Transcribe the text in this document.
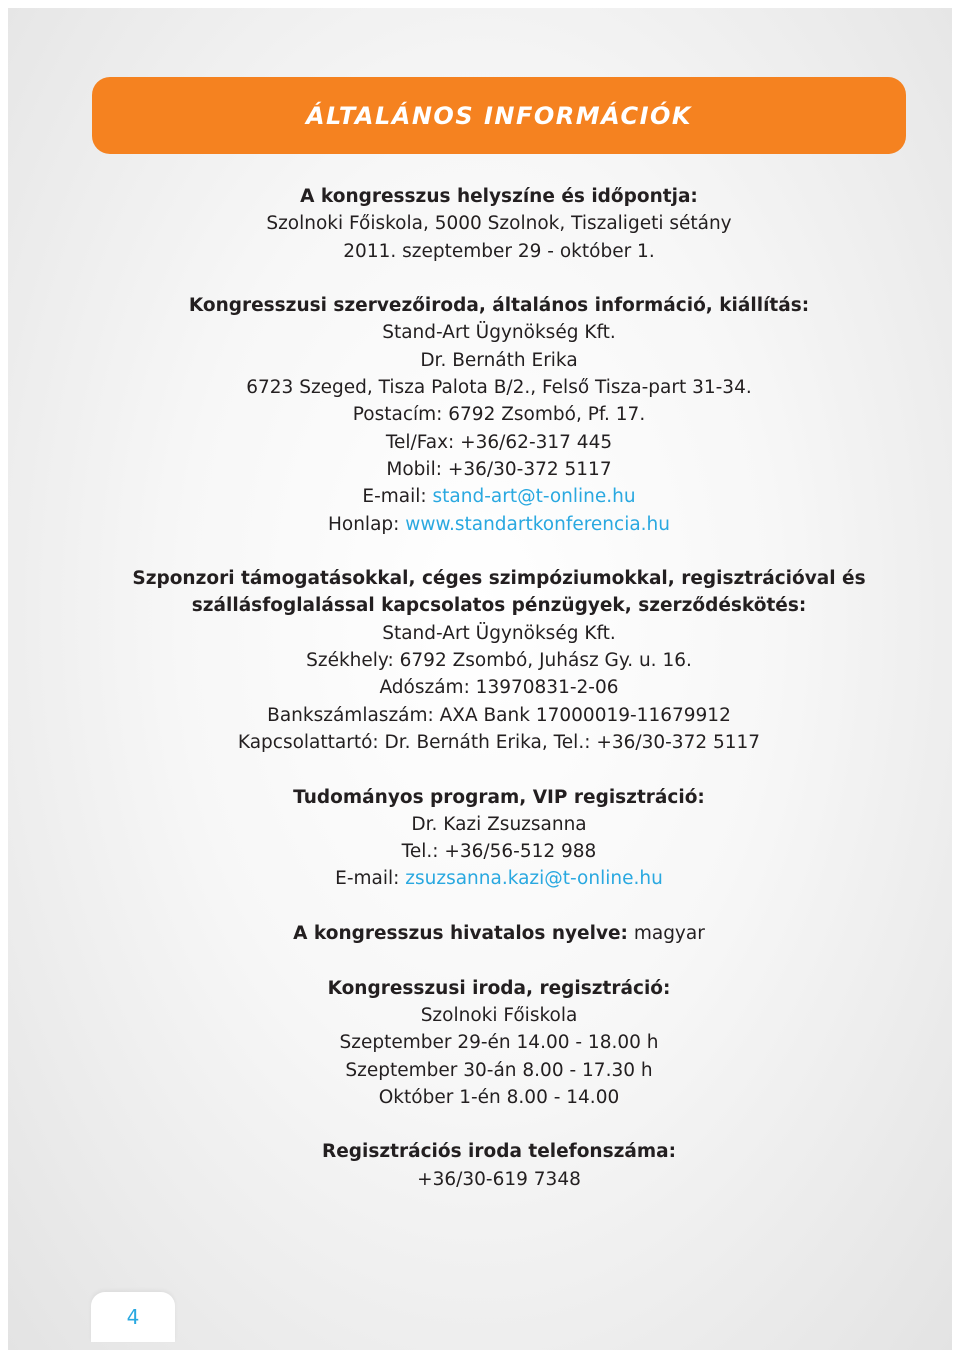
ÁLTALÁNOS INFORMÁCIÓK
A kongresszus helyszíne és időpontja:
Szolnoki Főiskola, 5000 Szolnok, Tiszaligeti sétány
2011. szeptember 29 - október 1.
Kongresszusi szervezőiroda, általános információ, kiállítás:
Stand-Art Ügynökség Kft.
Dr. Bernáth Erika
6723 Szeged, Tisza Palota B/2., Felső Tisza-part 31-34.
Postacím: 6792 Zsombó, Pf. 17.
Tel/Fax: +36/62-317 445
Mobil: +36/30-372 5117
E-mail: stand-art@t-online.hu
Honlap: www.standartkonferencia.hu
Szponzori támogatásokkal, céges szimpóziumokkal, regisztrációval és
szállásfoglalással kapcsolatos pénzügyek, szerződéskötés:
Stand-Art Ügynökség Kft.
Székhely: 6792 Zsombó, Juhász Gy. u. 16.
Adószám: 13970831-2-06
Bankszámlaszám: AXA Bank 17000019-11679912
Kapcsolattartó: Dr. Bernáth Erika, Tel.: +36/30-372 5117
Tudományos program, VIP regisztráció:
Dr. Kazi Zsuzsanna
Tel.: +36/56-512 988
E-mail: zsuzsanna.kazi@t-online.hu
A kongresszus hivatalos nyelve: magyar
Kongresszusi iroda, regisztráció:
Szolnoki Főiskola
Szeptember 29-én 14.00 - 18.00 h
Szeptember 30-án 8.00 - 17.30 h
Október 1-én 8.00 - 14.00
Regisztrációs iroda telefonszáma:
+36/30-619 7348
4
